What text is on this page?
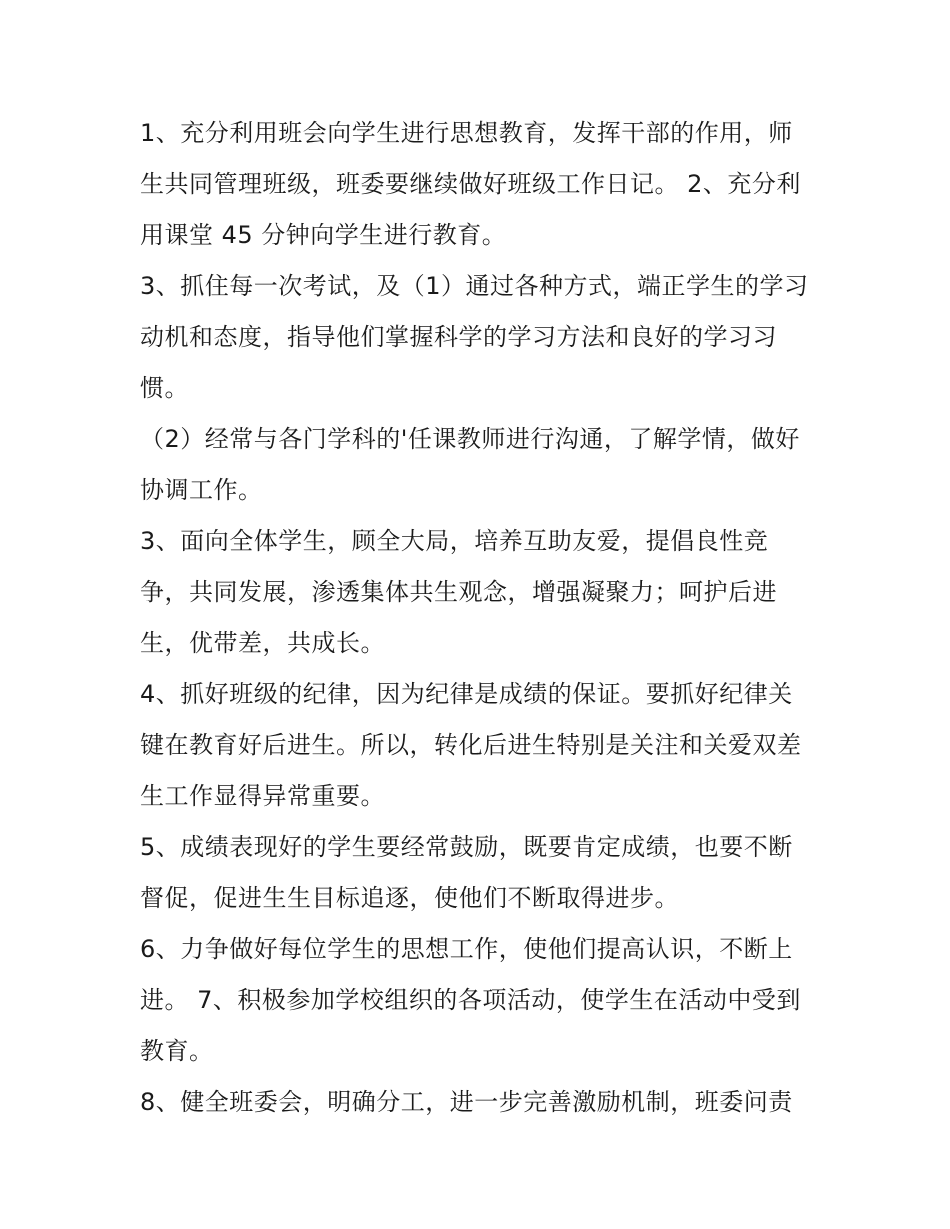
1、充分利用班会向学生进行思想教育，发挥干部的作用，师
生共同管理班级，班委要继续做好班级工作日记。 2、充分利
用课堂 45 分钟向学生进行教育。

3、抓住每一次考试，及（1）通过各种方式，端正学生的学习
动机和态度，指导他们掌握科学的学习方法和良好的学习习
惯。

（2）经常与各门学科的'任课教师进行沟通，了解学情，做好
协调工作。

3、面向全体学生，顾全大局，培养互助友爱，提倡良性竞
争，共同发展，渗透集体共生观念，增强凝聚力；呵护后进
生，优带差，共成长。

4、抓好班级的纪律，因为纪律是成绩的保证。要抓好纪律关
键在教育好后进生。所以，转化后进生特别是关注和关爱双差
生工作显得异常重要。

5、成绩表现好的学生要经常鼓励，既要肯定成绩，也要不断
督促，促进生生目标追逐，使他们不断取得进步。

6、力争做好每位学生的思想工作，使他们提高认识，不断上
进。 7、积极参加学校组织的各项活动，使学生在活动中受到
教育。

8、健全班委会，明确分工，进一步完善激励机制，班委问责
